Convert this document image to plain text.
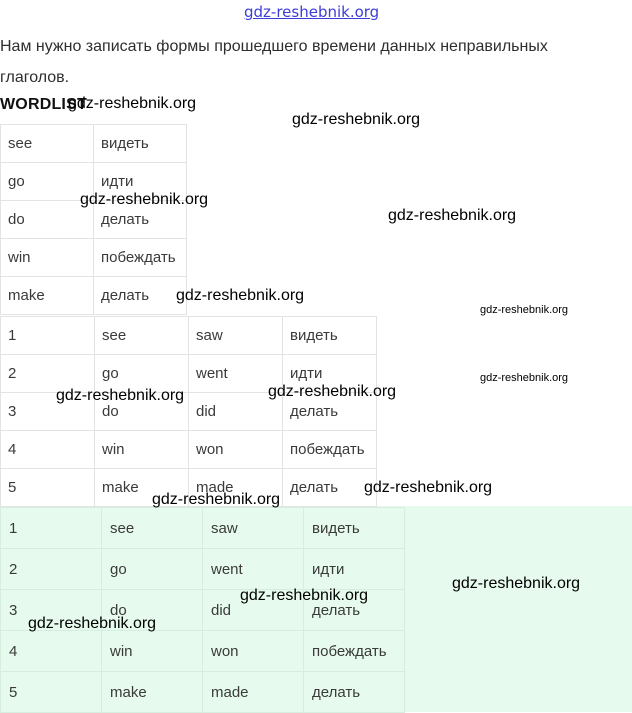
gdz-reshebnik.org
Нам нужно записать формы прошедшего времени данных неправильных глаголов.
WORDLIST
see	видеть
go	идти
do	делать
win	побеждать
make	делать
1	see	saw	видеть
2	go	went	идти
3	do	did	делать
4	win	won	побеждать
5	make	made	делать
1	see	saw	видеть
2	go	went	идти
3	do	did	делать
4	win	won	побеждать
5	make	made	делать
gdz-reshebnik.org
gdz-reshebnik.org
gdz-reshebnik.org
gdz-reshebnik.org
gdz-reshebnik.org
gdz-reshebnik.org
gdz-reshebnik.org
gdz-reshebnik.org
gdz-reshebnik.org
gdz-reshebnik.org
gdz-reshebnik.org
gdz-reshebnik.org
gdz-reshebnik.org
gdz-reshebnik.org
